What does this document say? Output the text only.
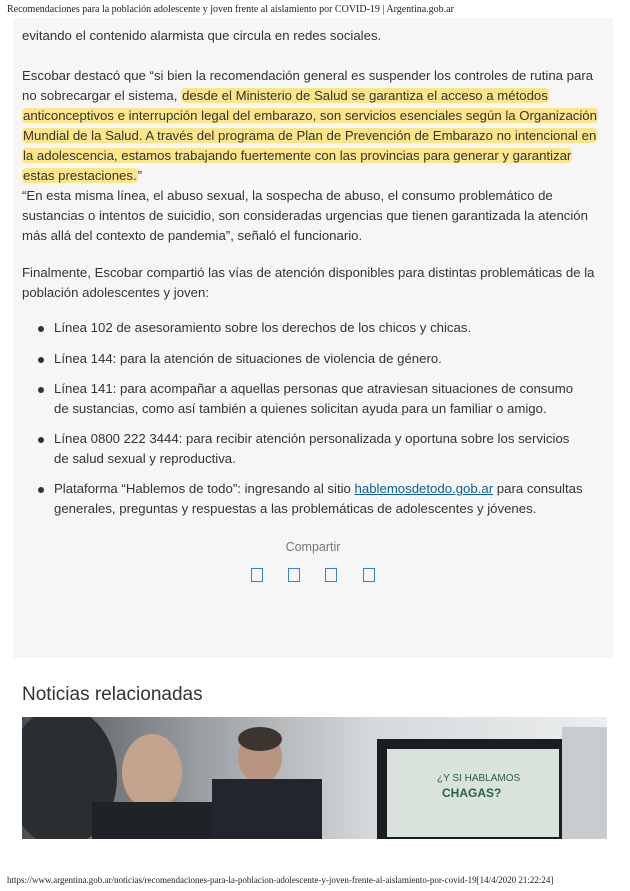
Recomendaciones para la población adolescente y joven frente al aislamiento por COVID-19 | Argentina.gob.ar

evitando el contenido alarmista que circula en redes sociales.

Escobar destacó que “si bien la recomendación general es suspender los controles de rutina para no sobrecargar el sistema, desde el Ministerio de Salud se garantiza el acceso a métodos anticonceptivos e interrupción legal del embarazo, son servicios esenciales según la Organización Mundial de la Salud. A través del programa de Plan de Prevención de Embarazo no intencional en la adolescencia, estamos trabajando fuertemente con las provincias para generar y garantizar estas prestaciones.”

“En esta misma línea, el abuso sexual, la sospecha de abuso, el consumo problemático de sustancias o intentos de suicidio, son consideradas urgencias que tienen garantizada la atención más allá del contexto de pandemia”, señaló el funcionario.

Finalmente, Escobar compartió las vías de atención disponibles para distintas problemáticas de la población adolescentes y joven:

Línea 102 de asesoramiento sobre los derechos de los chicos y chicas.
Línea 144: para la atención de situaciones de violencia de género.
Línea 141: para acompañar a aquellas personas que atraviesan situaciones de consumo de sustancias, como así también a quienes solicitan ayuda para un familiar o amigo.
Línea 0800 222 3444: para recibir atención personalizada y oportuna sobre los servicios de salud sexual y reproductiva.
Plataforma “Hablemos de todo”: ingresando al sitio hablemosdetodo.gob.ar para consultas generales, preguntas y respuestas a las problemáticas de adolescentes y jóvenes.
Compartir
Noticias relacionadas
¿Y SI HABLAMOS
CHAGAS?
https://www.argentina.gob.ar/noticias/recomendaciones-para-la-poblacion-adolescente-y-joven-frente-al-aislamiento-por-covid-19[14/4/2020 21:22:24]
